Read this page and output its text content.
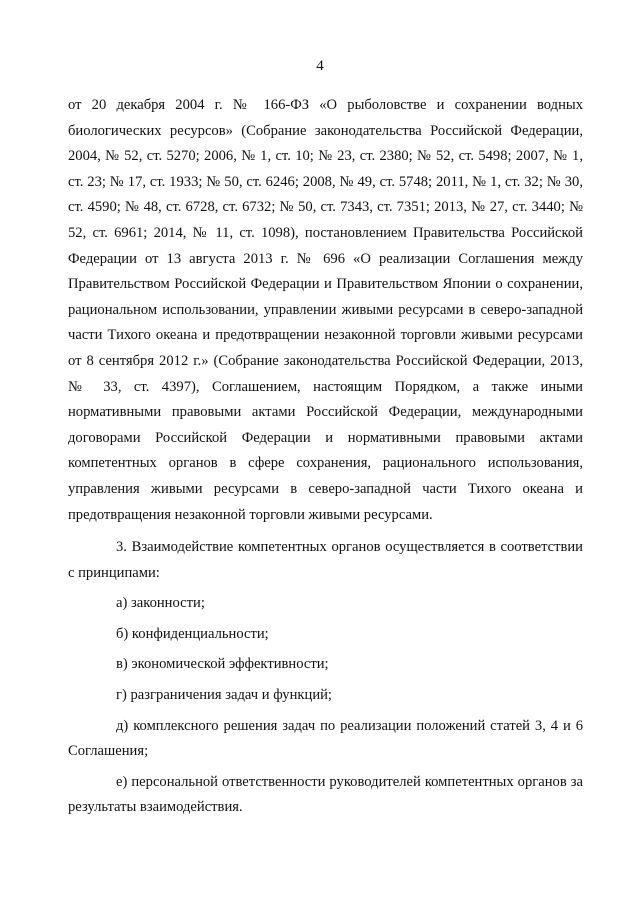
4

от 20 декабря 2004 г. № 166-ФЗ «О рыболовстве и сохранении водных биологических ресурсов» (Собрание законодательства Российской Федерации, 2004, № 52, ст. 5270; 2006, № 1, ст. 10; № 23, ст. 2380; № 52, ст. 5498; 2007, № 1, ст. 23; № 17, ст. 1933; № 50, ст. 6246; 2008, № 49, ст. 5748; 2011, № 1, ст. 32; № 30, ст. 4590; № 48, ст. 6728, ст. 6732; № 50, ст. 7343, ст. 7351; 2013, № 27, ст. 3440; № 52, ст. 6961; 2014, № 11, ст. 1098), постановлением Правительства Российской Федерации от 13 августа 2013 г. № 696 «О реализации Соглашения между Правительством Российской Федерации и Правительством Японии о сохранении, рациональном использовании, управлении живыми ресурсами в северо-западной части Тихого океана и предотвращении незаконной торговли живыми ресурсами от 8 сентября 2012 г.» (Собрание законодательства Российской Федерации, 2013, № 33, ст. 4397), Соглашением, настоящим Порядком, а также иными нормативными правовыми актами Российской Федерации, международными договорами Российской Федерации и нормативными правовыми актами компетентных органов в сфере сохранения, рационального использования, управления живыми ресурсами в северо-западной части Тихого океана и предотвращения незаконной торговли живыми ресурсами.

3. Взаимодействие компетентных органов осуществляется в соответствии с принципами:

а) законности;

б) конфиденциальности;

в) экономической эффективности;

г) разграничения задач и функций;

д) комплексного решения задач по реализации положений статей 3, 4 и 6 Соглашения;

е) персональной ответственности руководителей компетентных органов за результаты взаимодействия.
